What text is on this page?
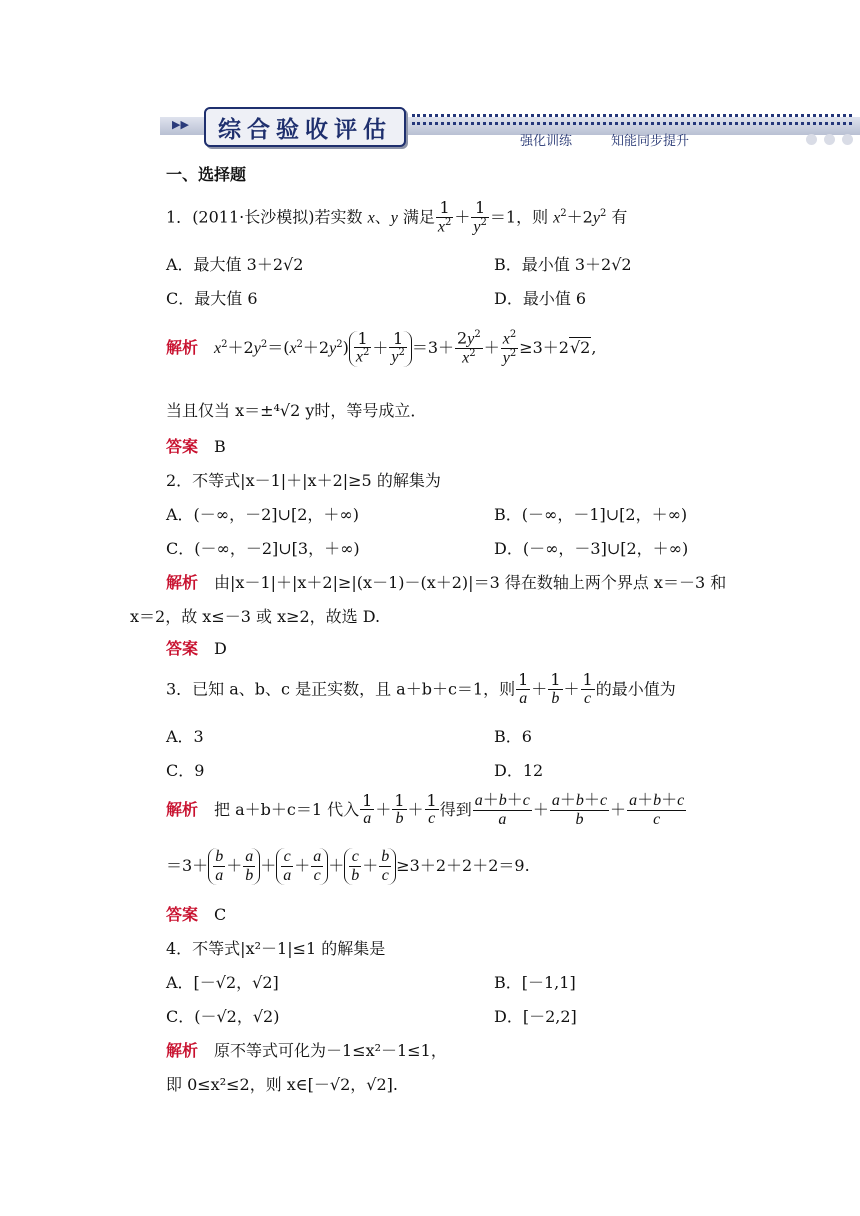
▶▶	综合验收评估	强化训练　　　	知能同步提升
一、选择题
1．(2011·长沙模拟)若实数 x、y 满足 $\frac{1}{x^2} + \frac{1}{y^2} =1$，则 $x^2+2y^2$ 有
A．最大值 3＋2√2	B．最小值 3＋2√2
C．最大值 6	D．最小值 6
解析　 $x^2+2y^2=(x^2+2y^2) \frac{1}{x^2} + \frac{1}{y^2} =3+ \frac{2y^2}{x^2} + \frac{x^2}{y^2} \ge 3+2√2$,
当且仅当 x＝±⁴√2 y时，等号成立．
答案　 B
2．不等式|x－1|＋|x＋2|≥5 的解集为
A．(－∞，－2]∪[2，＋∞)	B．(－∞，－1]∪[2，＋∞)
C．(－∞，－2]∪[3，＋∞)	D．(－∞，－3]∪[2，＋∞)
解析　 由|x－1|＋|x＋2|≥|(x－1)－(x＋2)|＝3 得在数轴上两个界点 x＝－3 和
x＝2，故 x≤－3 或 x≥2，故选 D.
答案　 D
3．已知 a、b、c 是正实数，且 a＋b＋c＝1，则 $\frac{1}{a} + \frac{1}{b} + \frac{1}{c}$ 的最小值为
A．3	B．6
C．9	D．12
解析　 把 a＋b＋c＝1 代入 $\frac{1}{a} + \frac{1}{b} + \frac{1}{c}$ 得到 $\frac{a+b+c}{a} + \frac{a+b+c}{b} + \frac{a+b+c}{c}$
$=3+ \frac{b}{a} + \frac{a}{b} + \frac{c}{a} + \frac{a}{c} + \frac{c}{b} + \frac{b}{c} \ge 3+2+2+2=9$.
答案　 C
4．不等式|x²－1|≤1 的解集是
A．[－√2，√2]	B．[－1,1]
C．(－√2，√2)	D．[－2,2]
解析　 原不等式可化为－1≤x²－1≤1，
即 0≤x²≤2，则 x∈[－√2，√2].
